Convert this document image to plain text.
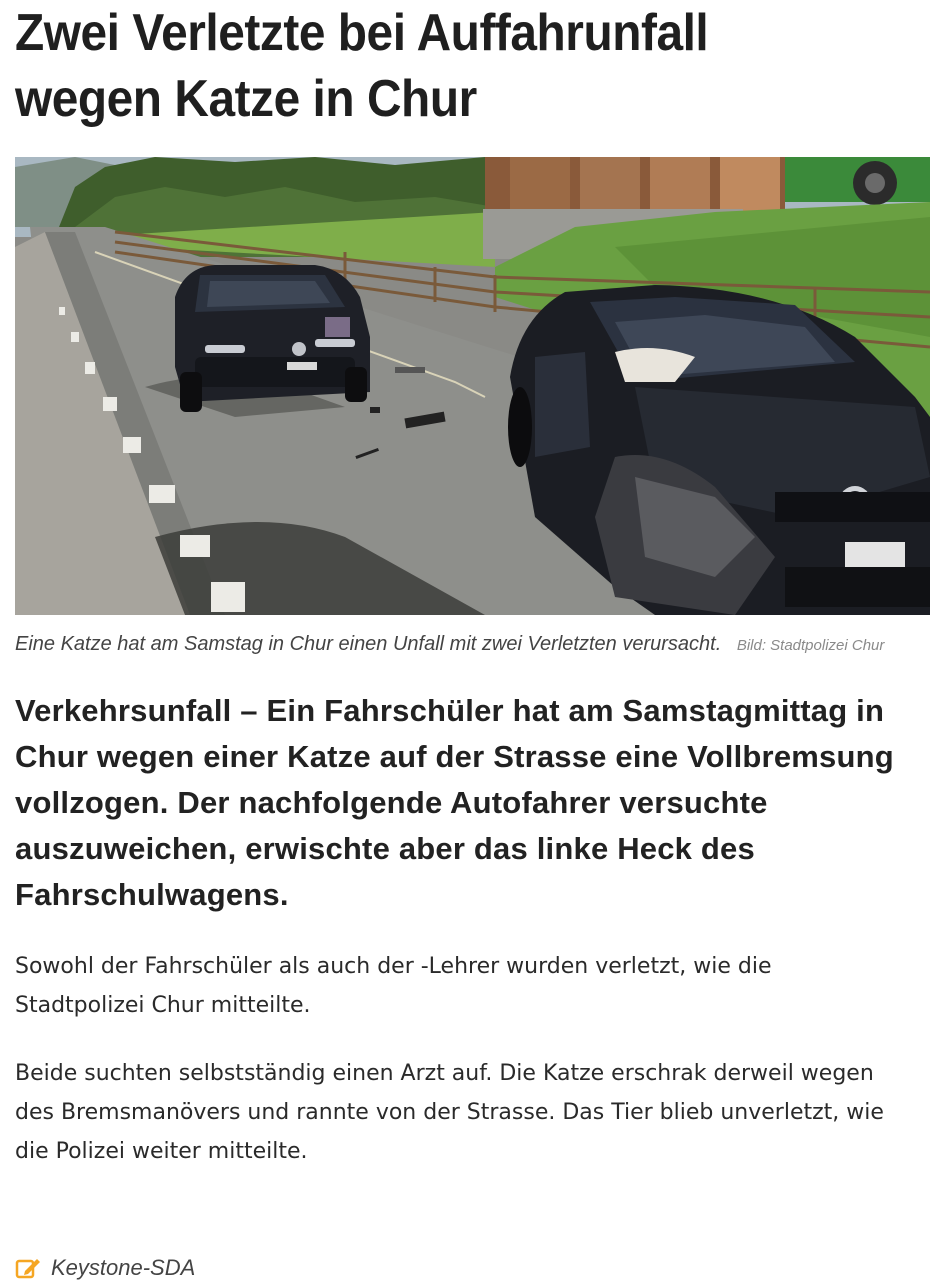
Zwei Verletzte bei Auffahrunfall wegen Katze in Chur
Eine Katze hat am Samstag in Chur einen Unfall mit zwei Verletzten verursacht. Bild: Stadtpolizei Chur

Verkehrsunfall – Ein Fahrschüler hat am Samstagmittag in Chur wegen einer Katze auf der Strasse eine Vollbremsung vollzogen. Der nachfolgende Autofahrer versuchte auszuweichen, erwischte aber das linke Heck des Fahrschulwagens.

Sowohl der Fahrschüler als auch der -Lehrer wurden verletzt, wie die Stadtpolizei Chur mitteilte.

Beide suchten selbstständig einen Arzt auf. Die Katze erschrak derweil wegen des Bremsmanövers und rannte von der Strasse. Das Tier blieb unverletzt, wie die Polizei weiter mitteilte.

Keystone-SDA
